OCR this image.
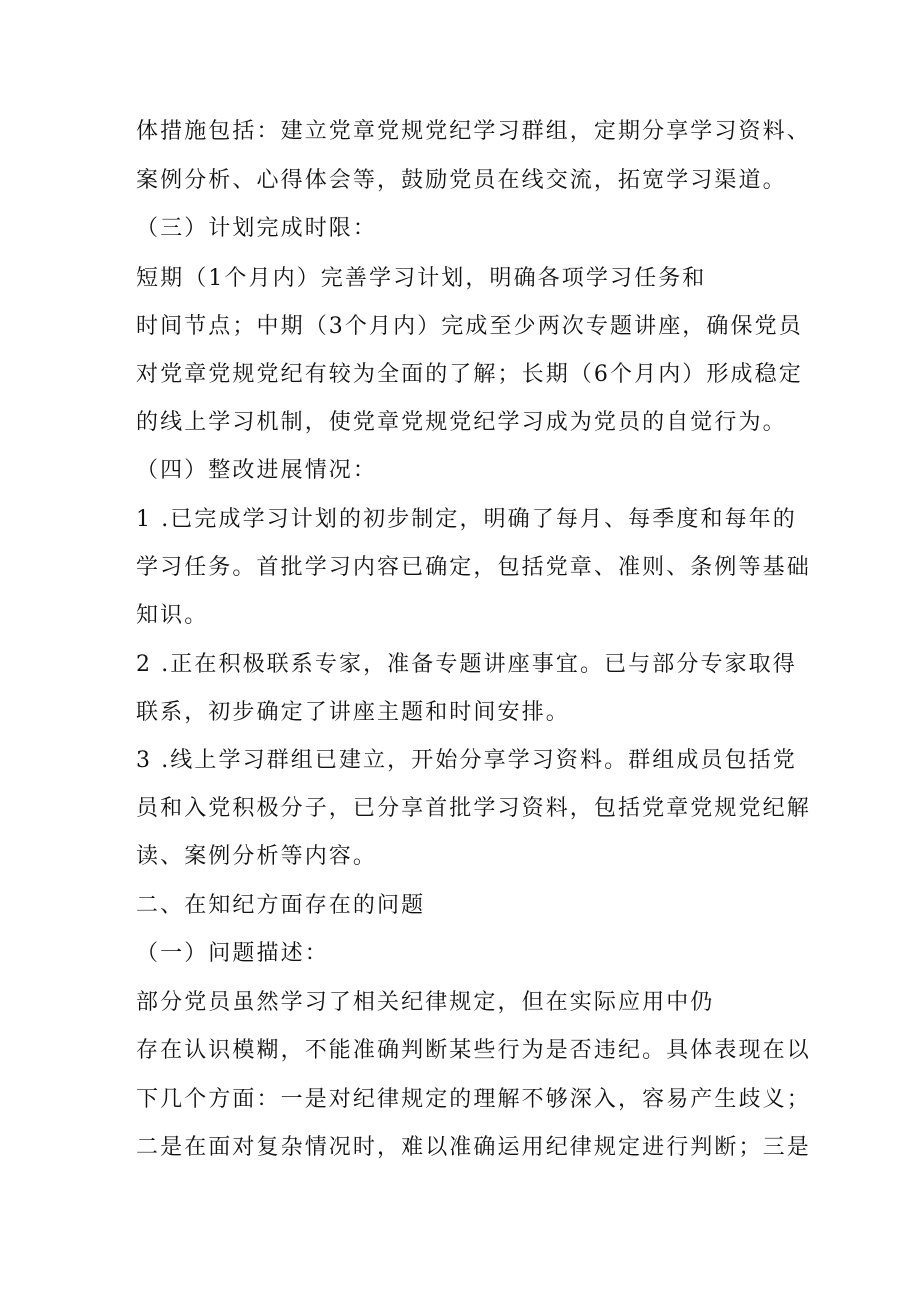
体措施包括：建立党章党规党纪学习群组，定期分享学习资料、
案例分析、心得体会等，鼓励党员在线交流，拓宽学习渠道。
（三）计划完成时限：
短期（1个月内）完善学习计划，明确各项学习任务和
时间节点；中期（3个月内）完成至少两次专题讲座，确保党员
对党章党规党纪有较为全面的了解；长期（6个月内）形成稳定
的线上学习机制，使党章党规党纪学习成为党员的自觉行为。
（四）整改进展情况：
1 .已完成学习计划的初步制定，明确了每月、每季度和每年的
学习任务。首批学习内容已确定，包括党章、准则、条例等基础
知识。
2 .正在积极联系专家，准备专题讲座事宜。已与部分专家取得
联系，初步确定了讲座主题和时间安排。
3 .线上学习群组已建立，开始分享学习资料。群组成员包括党
员和入党积极分子，已分享首批学习资料，包括党章党规党纪解
读、案例分析等内容。
二、在知纪方面存在的问题
（一）问题描述：
部分党员虽然学习了相关纪律规定，但在实际应用中仍
存在认识模糊，不能准确判断某些行为是否违纪。具体表现在以
下几个方面：一是对纪律规定的理解不够深入，容易产生歧义；
二是在面对复杂情况时，难以准确运用纪律规定进行判断；三是
